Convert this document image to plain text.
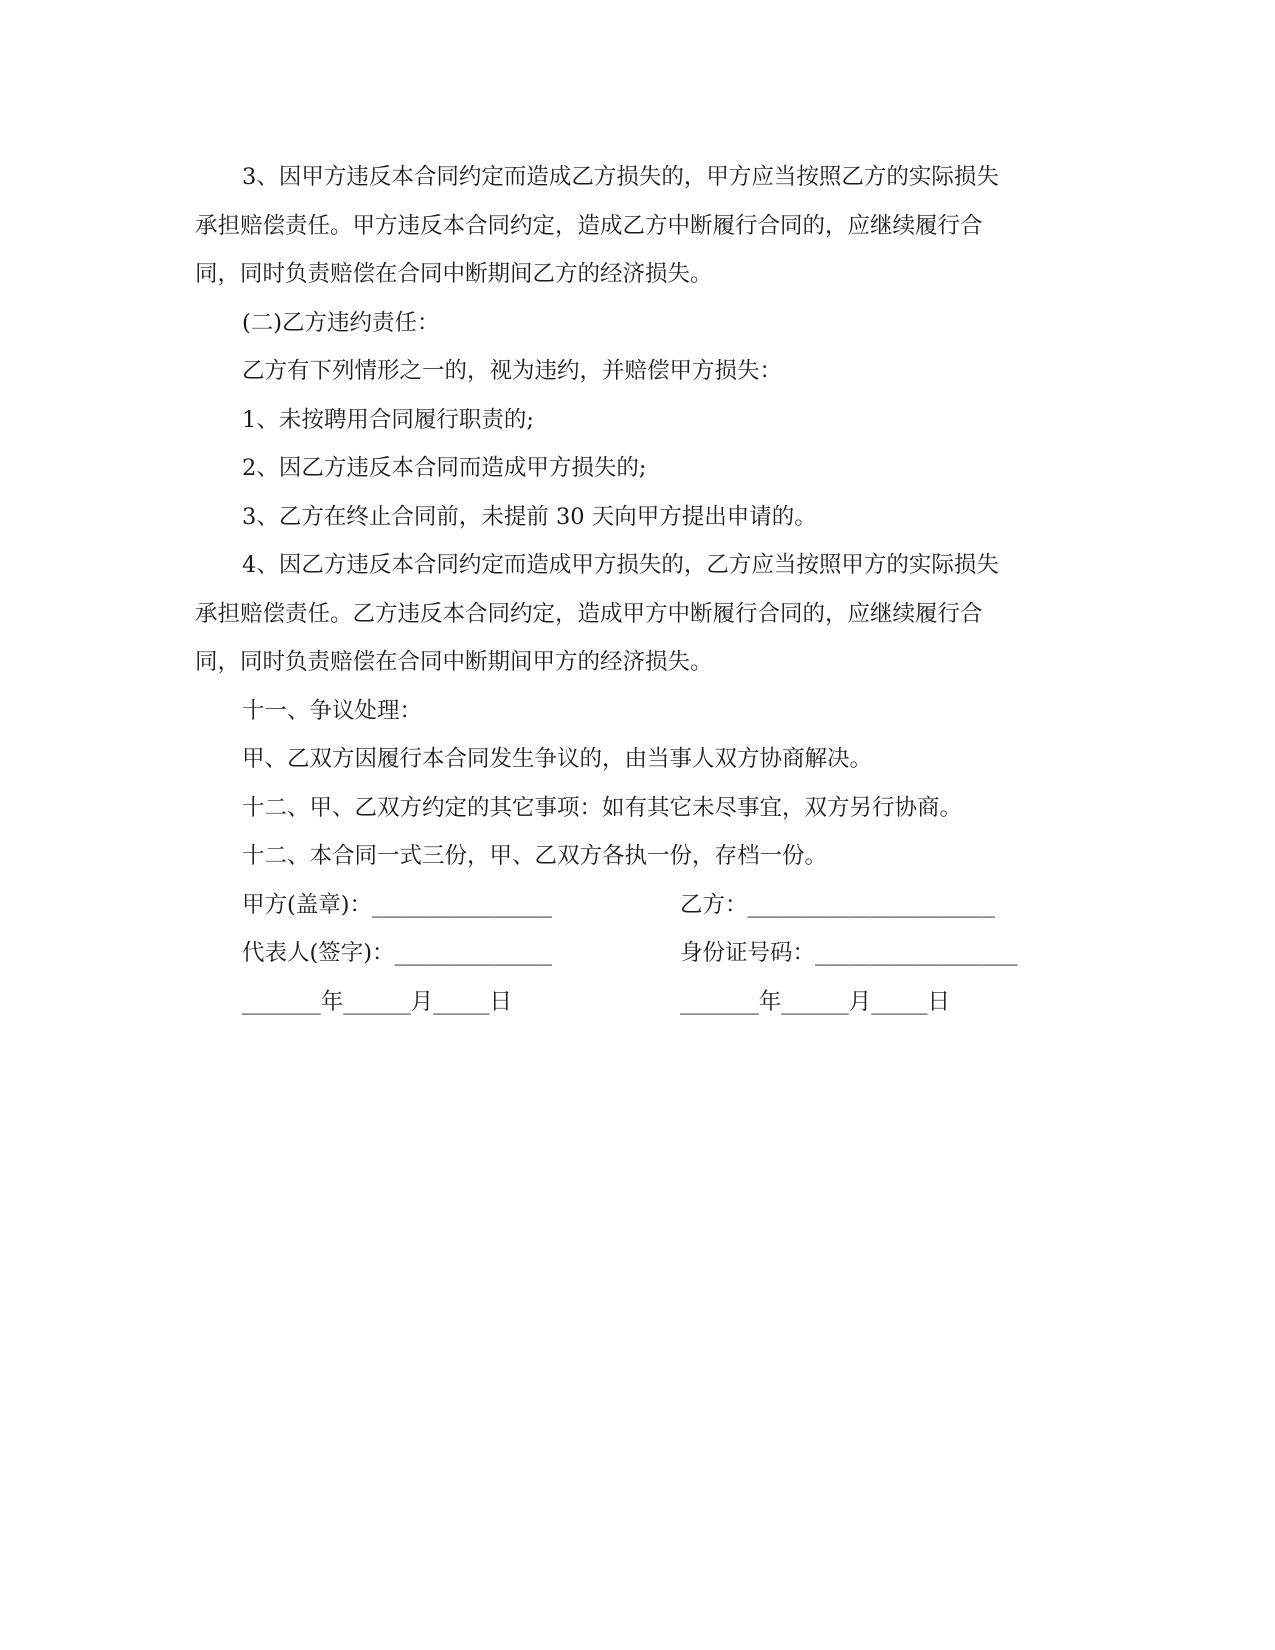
3、因甲方违反本合同约定而造成乙方损失的，甲方应当按照乙方的实际损失
承担赔偿责任。甲方违反本合同约定，造成乙方中断履行合同的，应继续履行合
同，同时负责赔偿在合同中断期间乙方的经济损失。
(二)乙方违约责任：
乙方有下列情形之一的，视为违约，并赔偿甲方损失：
1、未按聘用合同履行职责的;
2、因乙方违反本合同而造成甲方损失的;
3、乙方在终止合同前，未提前 30 天向甲方提出申请的。
4、因乙方违反本合同约定而造成甲方损失的，乙方应当按照甲方的实际损失
承担赔偿责任。乙方违反本合同约定，造成甲方中断履行合同的，应继续履行合
同，同时负责赔偿在合同中断期间甲方的经济损失。
十一、争议处理：
甲、乙双方因履行本合同发生争议的，由当事人双方协商解决。
十二、甲、乙双方约定的其它事项：如有其它未尽事宜，双方另行协商。
十二、本合同一式三份，甲、乙双方各执一份，存档一份。
甲方(盖章)：________________	乙方：______________________
代表人(签字)：______________	身份证号码：__________________
_______年______月_____日	_______年______月_____日
